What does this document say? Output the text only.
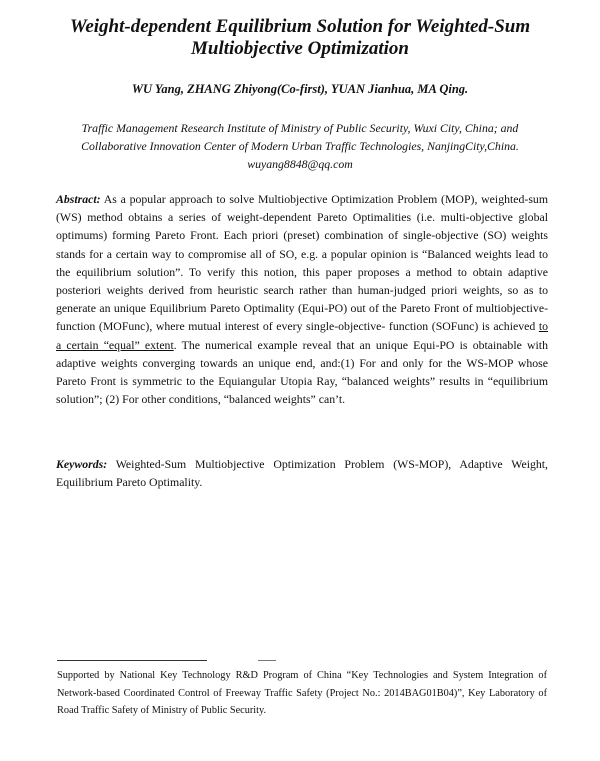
Weight-dependent Equilibrium Solution for Weighted-Sum
Multiobjective Optimization
WU Yang, ZHANG Zhiyong(Co-first), YUAN Jianhua, MA Qing.
Traffic Management Research Institute of Ministry of Public Security, Wuxi City, China; and
Collaborative Innovation Center of Modern Urban Traffic Technologies, NanjingCity,China.
wuyang8848@qq.com
Abstract: As a popular approach to solve Multiobjective Optimization Problem (MOP), weighted-sum (WS) method obtains a series of weight-dependent Pareto Optimalities (i.e. multi-objective global optimums) forming Pareto Front. Each priori (preset) combination of single-objective (SO) weights stands for a certain way to compromise all of SO, e.g. a popular opinion is “Balanced weights lead to the equilibrium solution”. To verify this notion, this paper proposes a method to obtain adaptive posteriori weights derived from heuristic search rather than human-judged priori weights, so as to generate an unique Equilibrium Pareto Optimality (Equi-PO) out of the Pareto Front of multiobjective-function (MOFunc), where mutual interest of every single-objective- function (SOFunc) is achieved to a certain “equal” extent. The numerical example reveal that an unique Equi-PO is obtainable with adaptive weights converging towards an unique end, and:(1) For and only for the WS-MOP whose Pareto Front is symmetric to the Equiangular Utopia Ray, “balanced weights” results in “equilibrium solution”; (2) For other conditions, “balanced weights” can’t.
Keywords: Weighted-Sum Multiobjective Optimization Problem (WS-MOP), Adaptive Weight, Equilibrium Pareto Optimality.
Supported by National Key Technology R&D Program of China “Key Technologies and System Integration of Network-based Coordinated Control of Freeway Traffic Safety (Project No.: 2014BAG01B04)”, Key Laboratory of Road Traffic Safety of Ministry of Public Security.
